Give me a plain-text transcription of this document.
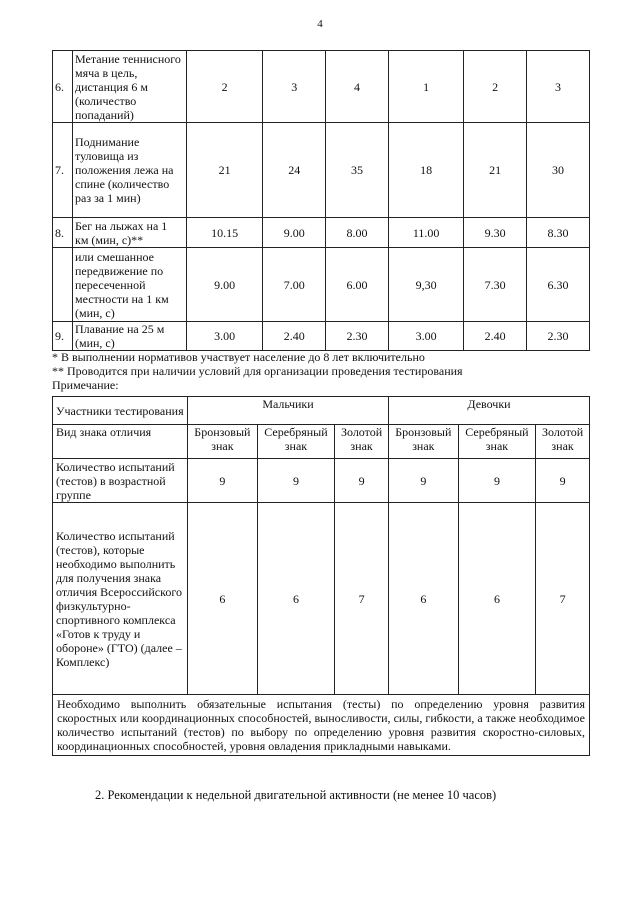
4
6.	Метание теннисного мяча в цель, дистанция 6 м (количество попаданий)	2	3	4	1	2	3
7.	Поднимание туловища из положения лежа на спине (количество раз за 1 мин)	21	24	35	18	21	30
8.	Бег на лыжах на 1 км (мин, с)**	10.15	9.00	8.00	11.00	9.30	8.30
	или смешанное передвижение по пересеченной местности на 1 км (мин, с)	9.00	7.00	6.00	9,30	7.30	6.30
9.	Плавание на 25 м (мин, с)	3.00	2.40	2.30	3.00	2.40	2.30
* В выполнении нормативов участвует население до 8 лет включительно
** Проводится при наличии условий для организации проведения тестирования
Примечание:
Участники тестирования	Мальчики			Девочки		
Вид знака отличия	Бронзовый знак	Серебряный знак	Золотой знак	Бронзовый знак	Серебряный знак	Золотой знак
Количество испытаний (тестов) в возрастной группе	9	9	9	9	9	9
Количество испытаний (тестов), которые необходимо выполнить для получения знака отличия Всероссийского физкультурно-спортивного комплекса «Готов к труду и обороне» (ГТО) (далее – Комплекс)	6	6	7	6	6	7
Необходимо выполнить обязательные испытания (тесты) по определению уровня развития скоростных или координационных способностей, выносливости, силы, гибкости, а также необходимое количество испытаний (тестов) по выбору по определению уровня развития скоростно-силовых, координационных способностей, уровня овладения прикладными навыками.						
2. Рекомендации к недельной двигательной активности (не менее 10 часов)
